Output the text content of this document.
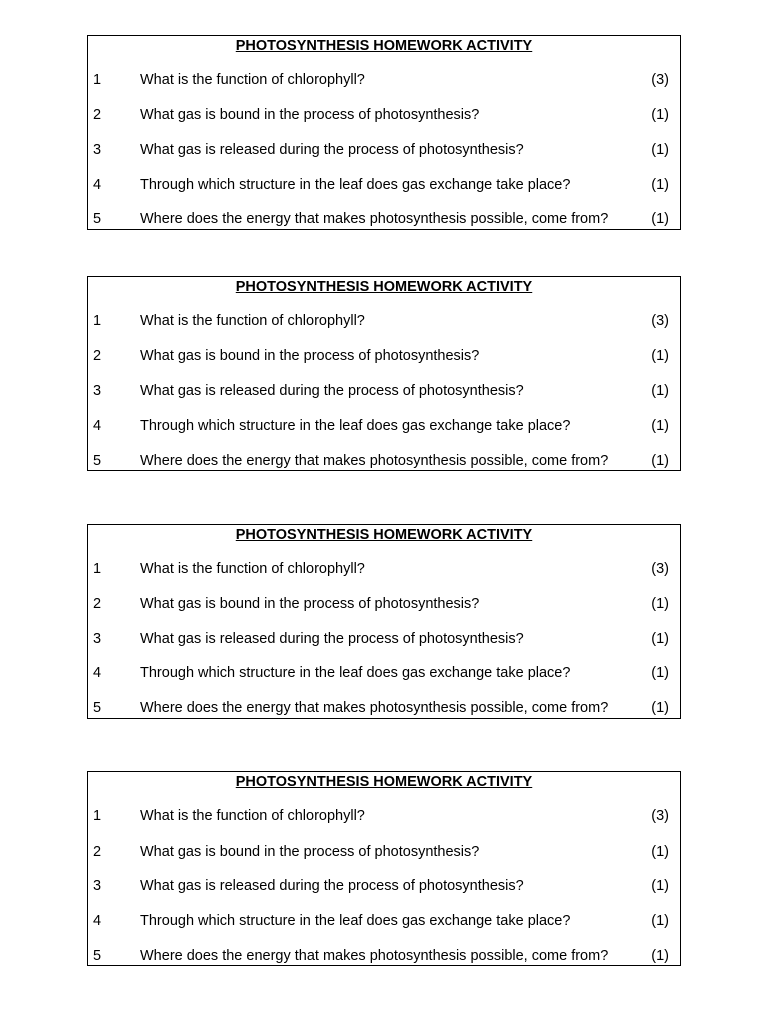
PHOTOSYNTHESIS HOMEWORK ACTIVITY
1	What is the function of chlorophyll?	(3)
2	What gas is bound in the process of photosynthesis?	(1)
3	What gas is released during the process of photosynthesis?	(1)
4	Through which structure in the leaf does gas exchange take place?	(1)
5	Where does the energy that makes photosynthesis possible, come from?	(1)
PHOTOSYNTHESIS HOMEWORK ACTIVITY
1	What is the function of chlorophyll?	(3)
2	What gas is bound in the process of photosynthesis?	(1)
3	What gas is released during the process of photosynthesis?	(1)
4	Through which structure in the leaf does gas exchange take place?	(1)
5	Where does the energy that makes photosynthesis possible, come from?	(1)
PHOTOSYNTHESIS HOMEWORK ACTIVITY
1	What is the function of chlorophyll?	(3)
2	What gas is bound in the process of photosynthesis?	(1)
3	What gas is released during the process of photosynthesis?	(1)
4	Through which structure in the leaf does gas exchange take place?	(1)
5	Where does the energy that makes photosynthesis possible, come from?	(1)
PHOTOSYNTHESIS HOMEWORK ACTIVITY
1	What is the function of chlorophyll?	(3)
2	What gas is bound in the process of photosynthesis?	(1)
3	What gas is released during the process of photosynthesis?	(1)
4	Through which structure in the leaf does gas exchange take place?	(1)
5	Where does the energy that makes photosynthesis possible, come from?	(1)
